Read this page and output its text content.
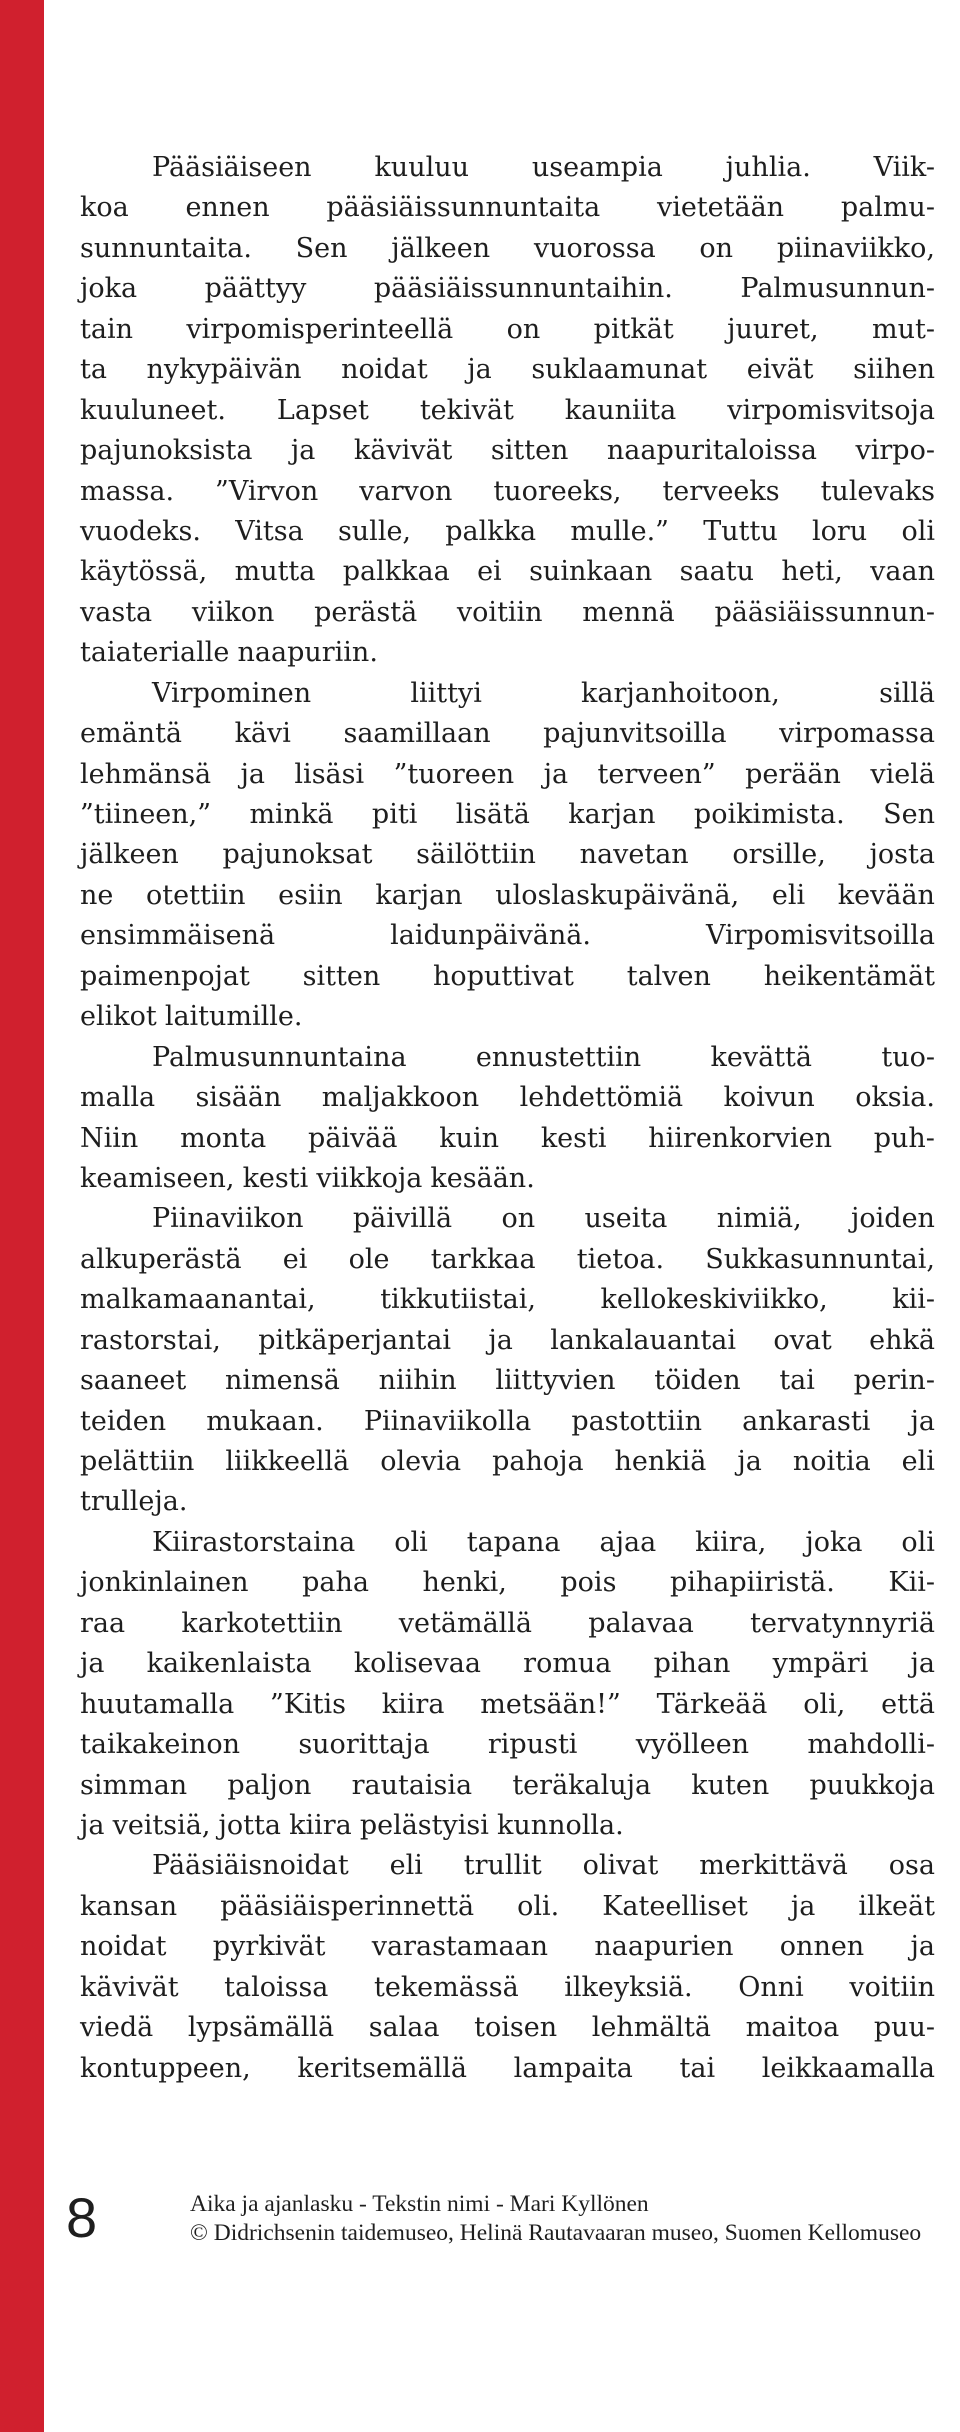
Pääsiäiseen kuuluu useampia juhlia. Viik-
koa ennen pääsiäissunnuntaita vietetään palmu-
sunnuntaita. Sen jälkeen vuorossa on piinaviikko,
joka	päättyy	pääsiäissunnuntaihin.	Palmusunnun-
tain virpomisperinteellä on pitkät juuret, mut-
ta nykypäivän noidat ja suklaamunat eivät siihen
kuuluneet. Lapset tekivät kauniita virpomisvitsoja
pajunoksista ja kävivät sitten naapuritaloissa virpo-
massa. ”Virvon varvon tuoreeks, terveeks tulevaks
vuodeks. Vitsa sulle, palkka mulle.” Tuttu loru oli
käytössä, mutta palkkaa ei suinkaan saatu heti, vaan
vasta viikon perästä voitiin mennä pääsiäissunnun-
taiaterialle naapuriin.
Virpominen	liittyi	karjanhoitoon,	sillä
emäntä kävi saamillaan pajunvitsoilla virpomassa
lehmänsä ja lisäsi ”tuoreen ja terveen” perään vielä
”tiineen,” minkä piti lisätä karjan poikimista. Sen
jälkeen pajunoksat säilöttiin navetan orsille, josta
ne otettiin esiin karjan uloslaskupäivänä, eli kevään
ensimmäisenä	laidunpäivänä.	Virpomisvitsoilla
paimenpojat sitten hoputtivat talven heikentämät
elikot laitumille.
Palmusunnuntaina	ennustettiin	kevättä	tuo-
malla sisään maljakkoon lehdettömiä koivun oksia.
Niin monta päivää kuin kesti hiirenkorvien puh-
keamiseen, kesti viikkoja kesään.
Piinaviikon päivillä on useita nimiä, joiden
alkuperästä ei ole tarkkaa tietoa. Sukkasunnuntai,
malkamaanantai, tikkutiistai, kellokeskiviikko, kii-
rastorstai, pitkäperjantai ja lankalauantai ovat ehkä
saaneet nimensä niihin liittyvien töiden tai perin-
teiden mukaan. Piinaviikolla pastottiin ankarasti ja
pelättiin liikkeellä olevia pahoja henkiä ja noitia eli
trulleja.
Kiirastorstaina oli tapana ajaa kiira, joka oli
jonkinlainen paha henki, pois pihapiiristä. Kii-
raa karkotettiin vetämällä palavaa tervatynnyriä
ja kaikenlaista kolisevaa romua pihan ympäri ja
huutamalla ”Kitis kiira metsään!” Tärkeää oli, että
taikakeinon suorittaja ripusti vyölleen mahdolli-
simman paljon rautaisia teräkaluja kuten puukkoja
ja veitsiä, jotta kiira pelästyisi kunnolla.
Pääsiäisnoidat eli trullit olivat merkittävä osa
kansan pääsiäisperinnettä oli. Kateelliset ja ilkeät
noidat pyrkivät varastamaan naapurien onnen ja
kävivät taloissa tekemässä ilkeyksiä. Onni voitiin
viedä lypsämällä salaa toisen lehmältä maitoa puu-
kontuppeen, keritsemällä lampaita tai leikkaamalla
8	Aika ja ajanlasku - Tekstin nimi - Mari Kyllönen
© Didrichsenin taidemuseo, Helinä Rautavaaran museo, Suomen Kellomuseo
